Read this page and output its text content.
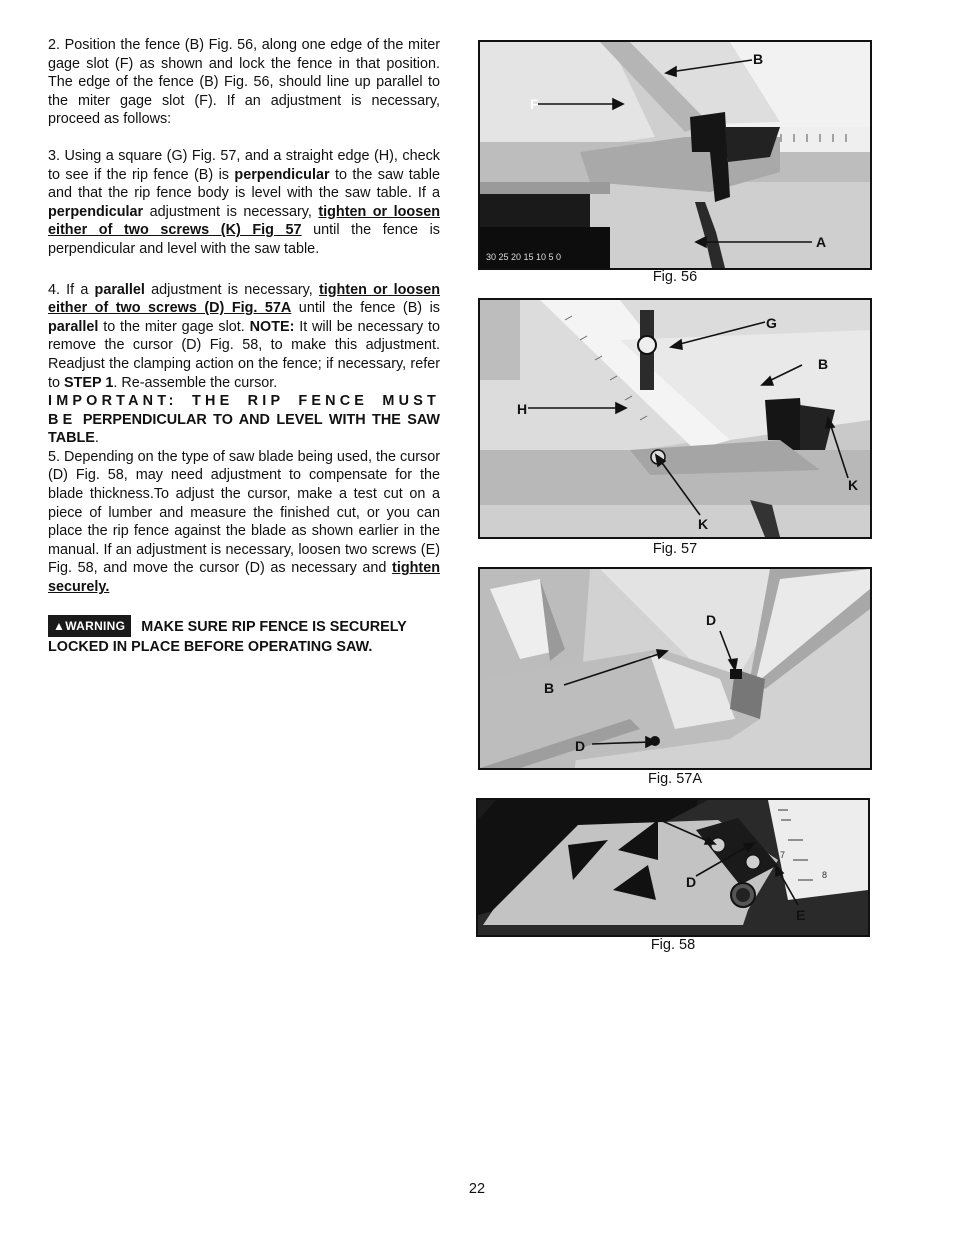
2. Position the fence (B) Fig. 56, along one edge of the miter gage slot (F) as shown and lock the fence in that position. The edge of the fence (B) Fig. 56, should line up parallel to the miter gage slot (F). If an adjustment is necessary, proceed as follows:

3. Using a square (G) Fig. 57, and a straight edge (H), check to see if the rip fence (B) is perpendicular to the saw table and that the rip fence body is level with the saw table. If a perpendicular adjustment is necessary, tighten or loosen either of two screws (K) Fig 57 until the fence is perpendicular and level with the saw table.

4. If a parallel adjustment is necessary, tighten or loosen either of two screws (D) Fig. 57A until the fence (B) is parallel to the miter gage slot. NOTE: It will be necessary to remove the cursor (D) Fig. 58, to make this adjustment. Readjust the clamping action on the fence; if necessary, refer to STEP 1. Re-assemble the cursor.

IMPORTANT: THE RIP FENCE MUST BE PERPENDICULAR TO AND LEVEL WITH THE SAW TABLE.

5. Depending on the type of saw blade being used, the cursor (D) Fig. 58, may need adjustment to compensate for the blade thickness.To adjust the cursor, make a test cut on a piece of lumber and measure the finished cut, or you can place the rip fence against the blade as shown earlier in the manual. If an adjustment is necessary, loosen two screws (E) Fig. 58, and move the cursor (D) as necessary and tighten securely.

▲WARNING MAKE SURE RIP FENCE IS SECURELY LOCKED IN PLACE BEFORE OPERATING SAW.
30 25 20 15 10 5 0
B
F
A
Fig. 56
G
B
H
K
K
Fig. 57
D
B
D
Fig. 57A
7
8
E
D
E
Fig. 58
22
